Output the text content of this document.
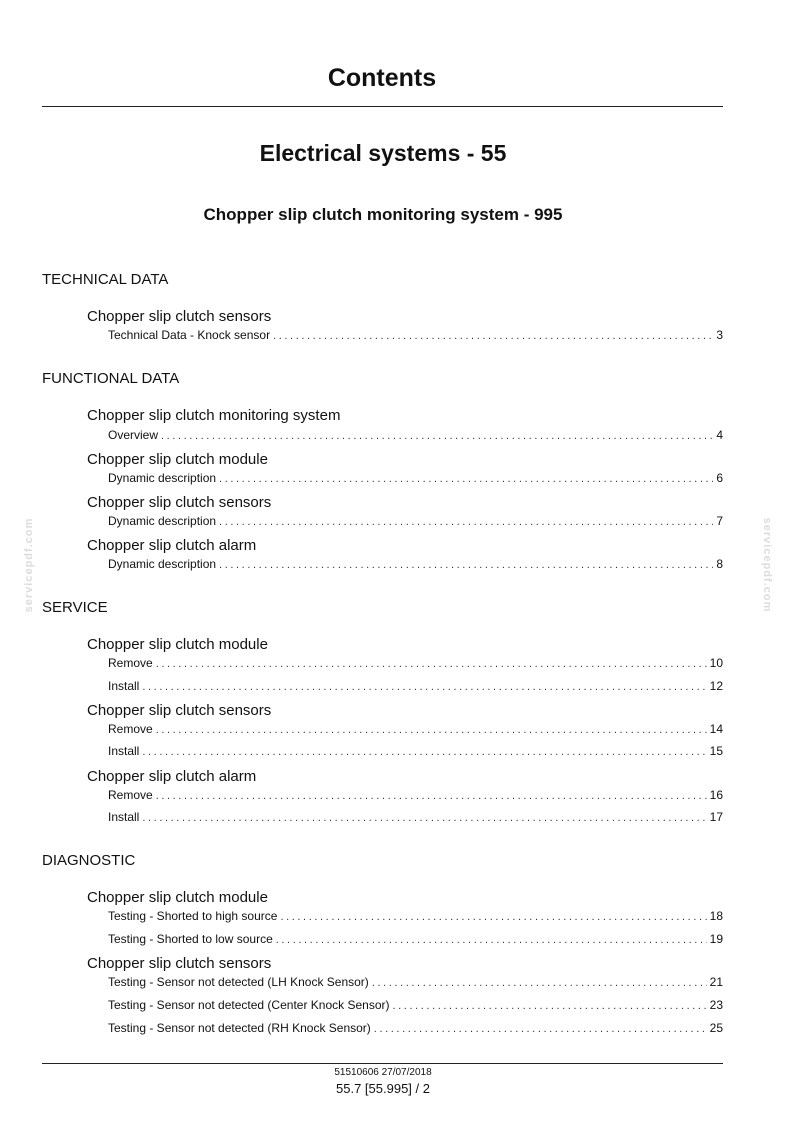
Contents
Electrical systems - 55
Chopper slip clutch monitoring system - 995
TECHNICAL DATA
Chopper slip clutch sensors
Technical Data - Knock sensor .....	3
FUNCTIONAL DATA
Chopper slip clutch monitoring system
Overview .....	4
Chopper slip clutch module
Dynamic description .....	6
Chopper slip clutch sensors
Dynamic description .....	7
Chopper slip clutch alarm
Dynamic description .....	8
SERVICE
Chopper slip clutch module
Remove .....	10
Install .....	12
Chopper slip clutch sensors
Remove .....	14
Install .....	15
Chopper slip clutch alarm
Remove .....	16
Install .....	17
DIAGNOSTIC
Chopper slip clutch module
Testing - Shorted to high source .....	18
Testing - Shorted to low source .....	19
Chopper slip clutch sensors
Testing - Sensor not detected (LH Knock Sensor) .....	21
Testing - Sensor not detected (Center Knock Sensor) .....	23
Testing - Sensor not detected (RH Knock Sensor) .....	25
servicepdf.com	servicepdf.com
51510606 27/07/2018
55.7 [55.995] / 2
